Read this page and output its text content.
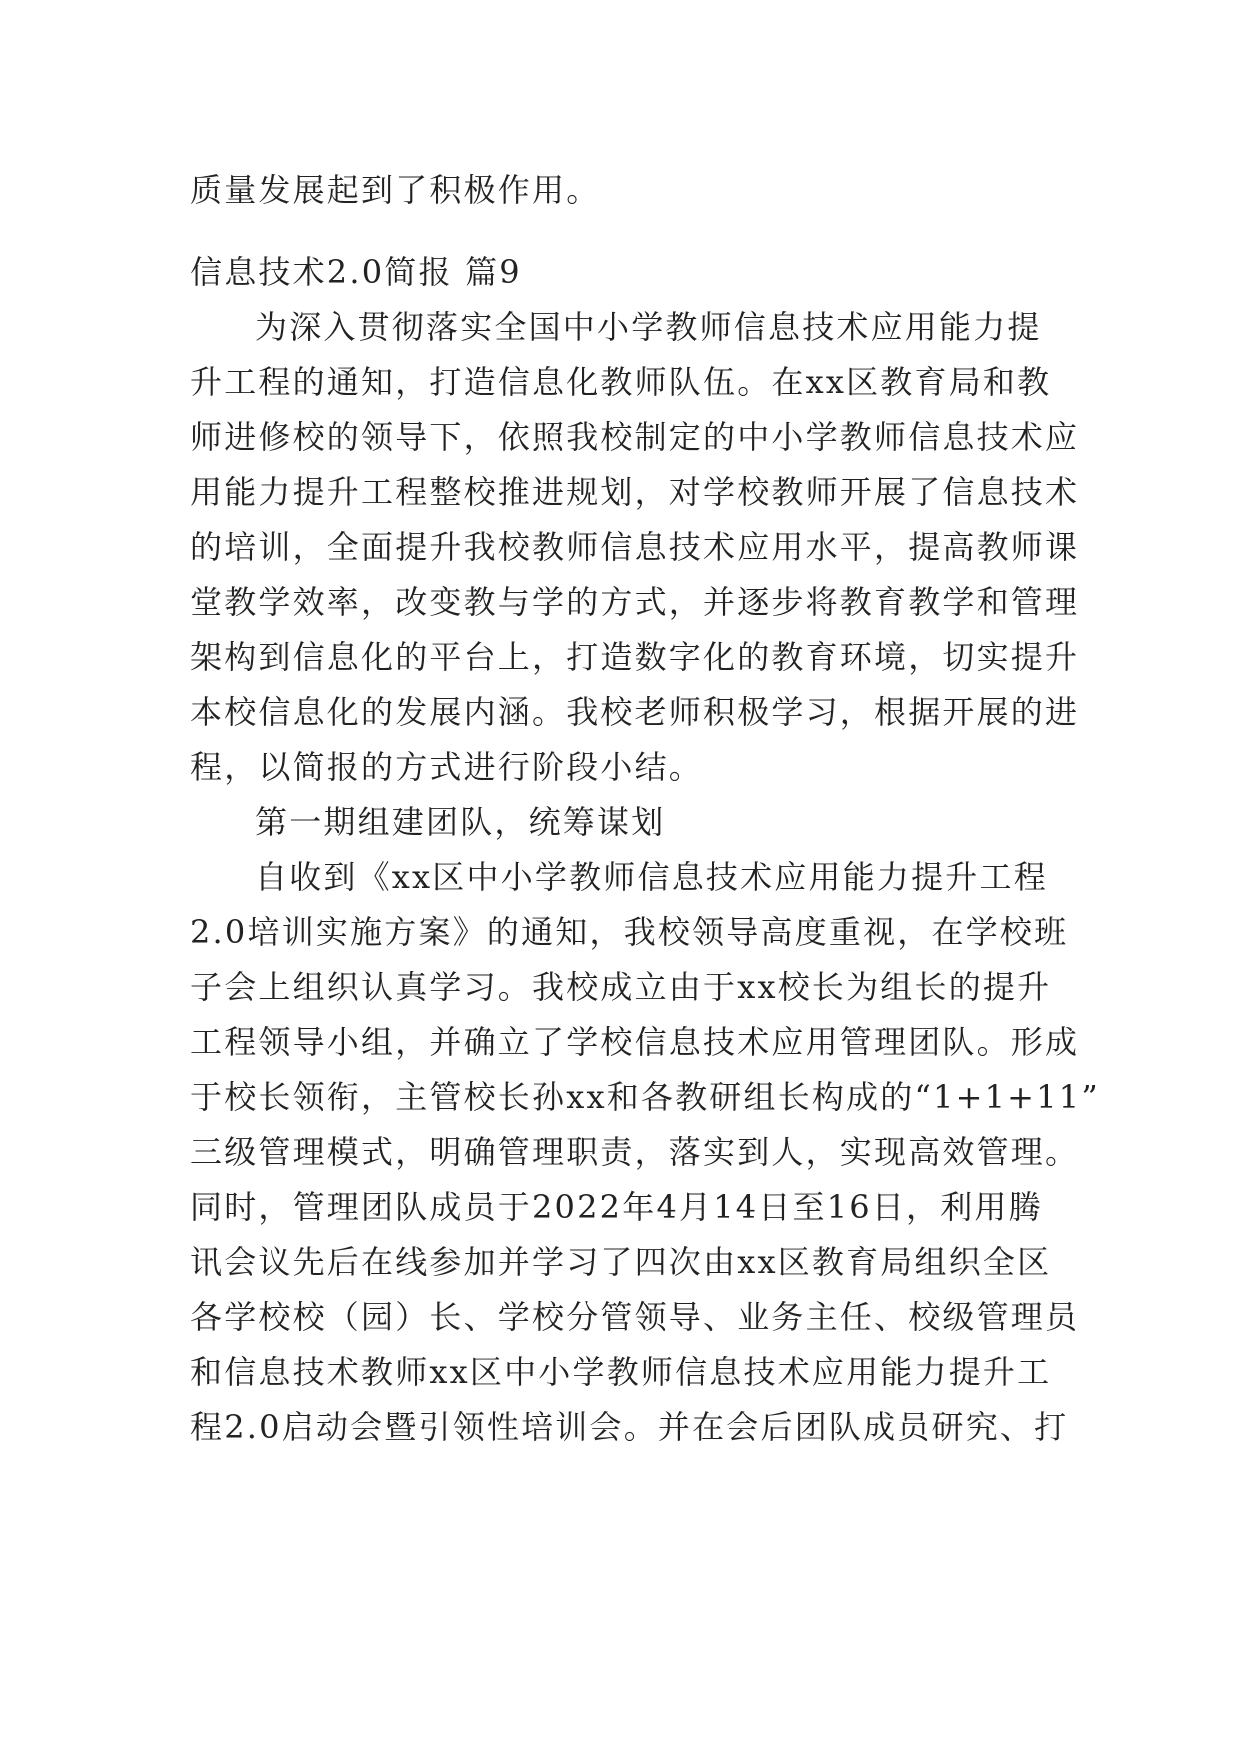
质量发展起到了积极作用。
信息技术2.0简报 篇9
为深入贯彻落实全国中小学教师信息技术应用能力提
升工程的通知，打造信息化教师队伍。在xx区教育局和教
师进修校的领导下，依照我校制定的中小学教师信息技术应
用能力提升工程整校推进规划，对学校教师开展了信息技术
的培训，全面提升我校教师信息技术应用水平，提高教师课
堂教学效率，改变教与学的方式，并逐步将教育教学和管理
架构到信息化的平台上，打造数字化的教育环境，切实提升
本校信息化的发展内涵。我校老师积极学习，根据开展的进
程，以简报的方式进行阶段小结。
第一期组建团队，统筹谋划
自收到《xx区中小学教师信息技术应用能力提升工程
2.0培训实施方案》的通知，我校领导高度重视，在学校班
子会上组织认真学习。我校成立由于xx校长为组长的提升
工程领导小组，并确立了学校信息技术应用管理团队。形成
于校长领衔，主管校长孙xx和各教研组长构成的“1+1+11”
三级管理模式，明确管理职责，落实到人，实现高效管理。
同时，管理团队成员于2022年4月14日至16日，利用腾
讯会议先后在线参加并学习了四次由xx区教育局组织全区
各学校校（园）长、学校分管领导、业务主任、校级管理员
和信息技术教师xx区中小学教师信息技术应用能力提升工
程2.0启动会暨引领性培训会。并在会后团队成员研究、打
